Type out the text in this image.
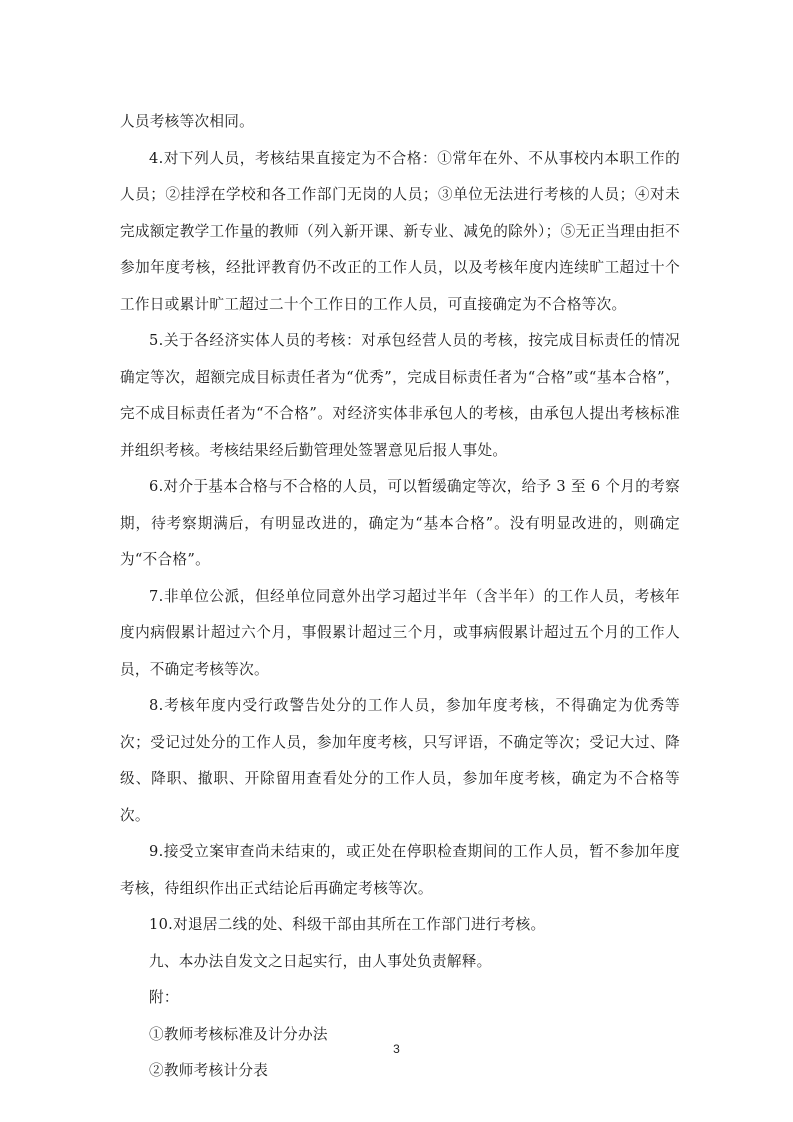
人员考核等次相同。

4.对下列人员，考核结果直接定为不合格：①常年在外、不从事校内本职工作的人员；②挂浮在学校和各工作部门无岗的人员；③单位无法进行考核的人员；④对未完成额定教学工作量的教师（列入新开课、新专业、减免的除外）；⑤无正当理由拒不参加年度考核，经批评教育仍不改正的工作人员，以及考核年度内连续旷工超过十个工作日或累计旷工超过二十个工作日的工作人员，可直接确定为不合格等次。

5.关于各经济实体人员的考核：对承包经营人员的考核，按完成目标责任的情况确定等次，超额完成目标责任者为“优秀”，完成目标责任者为“合格”或“基本合格”，完不成目标责任者为“不合格”。对经济实体非承包人的考核，由承包人提出考核标准并组织考核。考核结果经后勤管理处签署意见后报人事处。

6.对介于基本合格与不合格的人员，可以暂缓确定等次，给予 3 至 6 个月的考察期，待考察期满后，有明显改进的，确定为“基本合格”。没有明显改进的，则确定为“不合格”。

7.非单位公派，但经单位同意外出学习超过半年（含半年）的工作人员，考核年度内病假累计超过六个月，事假累计超过三个月，或事病假累计超过五个月的工作人员，不确定考核等次。

8.考核年度内受行政警告处分的工作人员，参加年度考核，不得确定为优秀等次；受记过处分的工作人员，参加年度考核，只写评语，不确定等次；受记大过、降级、降职、撤职、开除留用查看处分的工作人员，参加年度考核，确定为不合格等次。

9.接受立案审查尚未结束的，或正处在停职检查期间的工作人员，暂不参加年度考核，待组织作出正式结论后再确定考核等次。

10.对退居二线的处、科级干部由其所在工作部门进行考核。

九、本办法自发文之日起实行，由人事处负责解释。

附：

①教师考核标准及计分办法

②教师考核计分表

3
